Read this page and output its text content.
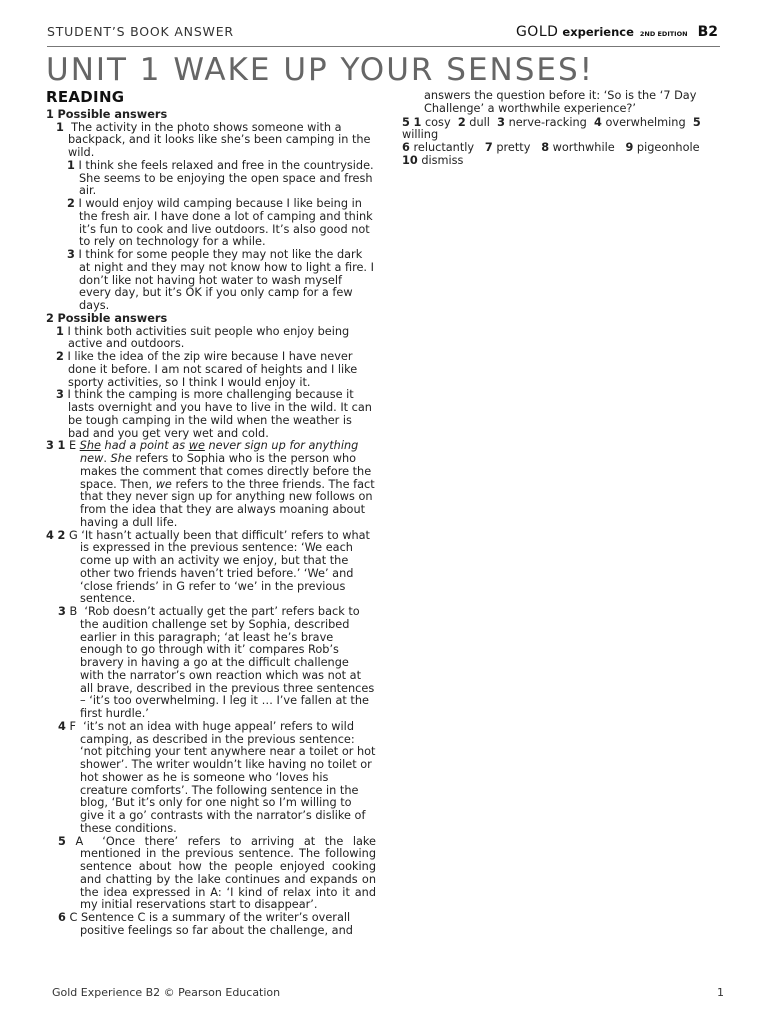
STUDENT’S BOOK ANSWER	GOLD experience 2ND EDITION B2
UNIT 1 WAKE UP YOUR SENSES!
READING

1 Possible answers

1 The activity in the photo shows someone with a backpack, and it looks like she’s been camping in the wild.

1 I think she feels relaxed and free in the countryside. She seems to be enjoying the open space and fresh air.

2 I would enjoy wild camping because I like being in the fresh air. I have done a lot of camping and think it’s fun to cook and live outdoors. It’s also good not to rely on technology for a while.

3 I think for some people they may not like the dark at night and they may not know how to light a fire. I don’t like not having hot water to wash myself every day, but it’s OK if you only camp for a few days.

2 Possible answers

1 I think both activities suit people who enjoy being active and outdoors.

2 I like the idea of the zip wire because I have never done it before. I am not scared of heights and I like sporty activities, so I think I would enjoy it.

3 I think the camping is more challenging because it lasts overnight and you have to live in the wild. It can be tough camping in the wild when the weather is bad and you get very wet and cold.

3 1 E She had a point as we never sign up for anything new. She refers to Sophia who is the person who makes the comment that comes directly before the space. Then, we refers to the three friends. The fact that they never sign up for anything new follows on from the idea that they are always moaning about having a dull life.

4 2 G ‘It hasn’t actually been that difficult’ refers to what is expressed in the previous sentence: ‘We each come up with an activity we enjoy, but that the other two friends haven’t tried before.’ ‘We’ and ‘close friends’ in G refer to ‘we’ in the previous sentence.

3 B ‘Rob doesn’t actually get the part’ refers back to the audition challenge set by Sophia, described earlier in this paragraph; ‘at least he’s brave enough to go through with it’ compares Rob’s bravery in having a go at the difficult challenge with the narrator’s own reaction which was not at all brave, described in the previous three sentences – ‘it’s too overwhelming. I leg it … I’ve fallen at the first hurdle.’

4 F ‘it’s not an idea with huge appeal’ refers to wild camping, as described in the previous sentence: ‘not pitching your tent anywhere near a toilet or hot shower’. The writer wouldn’t like having no toilet or hot shower as he is someone who ‘loves his creature comforts’. The following sentence in the blog, ‘But it’s only for one night so I’m willing to give it a go’ contrasts with the narrator’s dislike of these conditions.

5 A ‘Once there’ refers to arriving at the lake mentioned in the previous sentence. The following sentence about how the people enjoyed cooking and chatting by the lake continues and expands on the idea expressed in A: ‘I kind of relax into it and my initial reservations start to disappear’.

6 C Sentence C is a summary of the writer’s overall positive feelings so far about the challenge, and

answers the question before it: ‘So is the ‘7 Day Challenge’ a worthwhile experience?’

5 1 cosy 2 dull 3 nerve-racking 4 overwhelming 5 willing
6 reluctantly 7 pretty 8 worthwhile 9 pigeonhole
10 dismiss

Gold Experience B2 © Pearson Education	1
